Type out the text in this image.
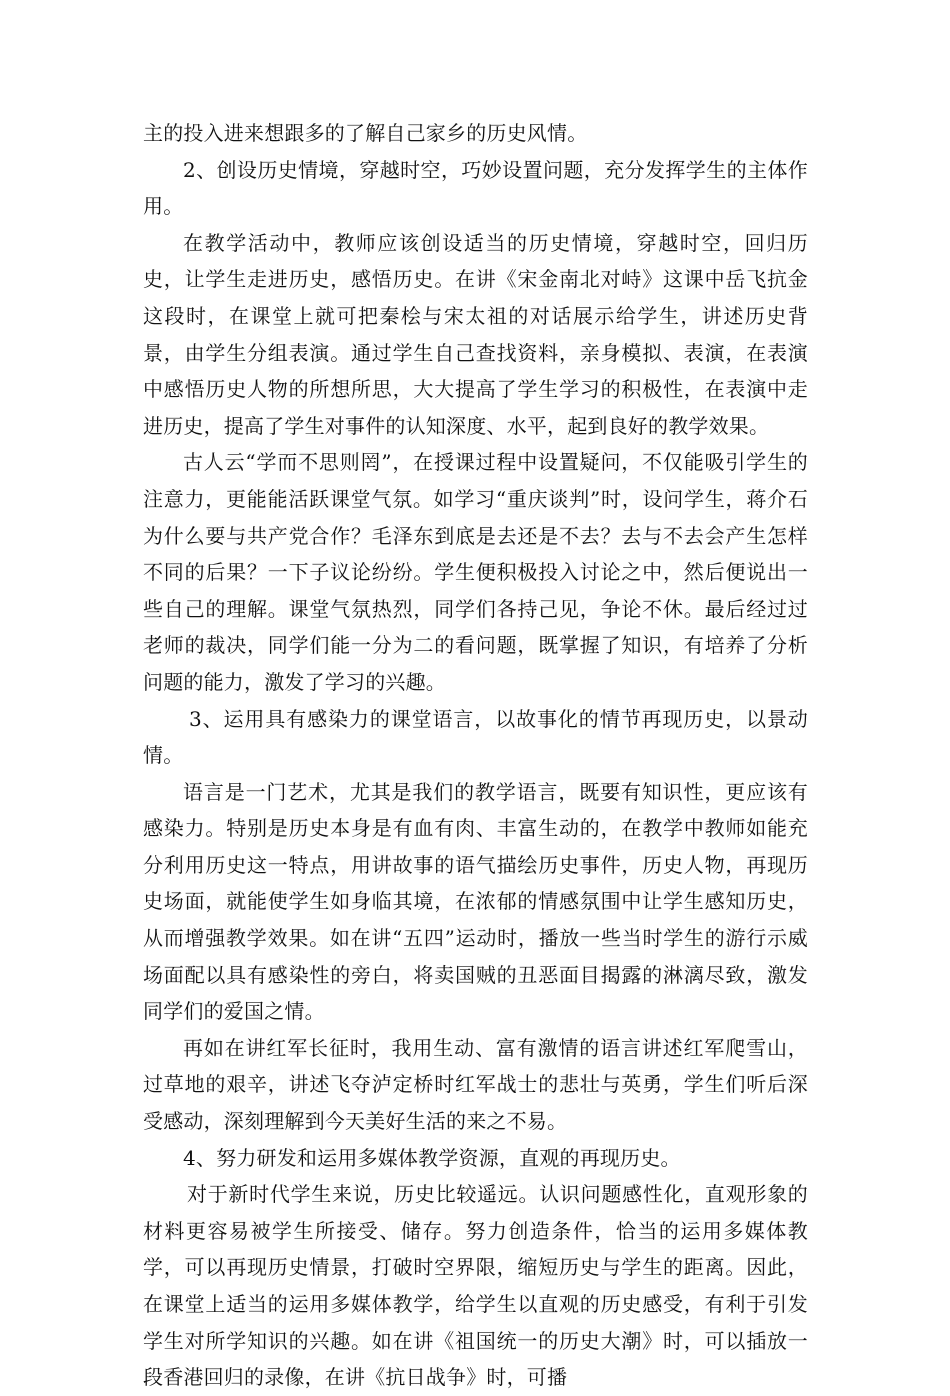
主的投入进来想跟多的了解自己家乡的历史风情。

2、创设历史情境，穿越时空，巧妙设置问题，充分发挥学生的主体作用。

在教学活动中，教师应该创设适当的历史情境，穿越时空，回归历史，让学生走进历史，感悟历史。在讲《宋金南北对峙》这课中岳飞抗金这段时，在课堂上就可把秦桧与宋太祖的对话展示给学生，讲述历史背景，由学生分组表演。通过学生自己查找资料，亲身模拟、表演，在表演中感悟历史人物的所想所思，大大提高了学生学习的积极性，在表演中走进历史，提高了学生对事件的认知深度、水平，起到良好的教学效果。

古人云“学而不思则罔”，在授课过程中设置疑问，不仅能吸引学生的注意力，更能能活跃课堂气氛。如学习“重庆谈判”时，设问学生，蒋介石为什么要与共产党合作？毛泽东到底是去还是不去？去与不去会产生怎样不同的后果？一下子议论纷纷。学生便积极投入讨论之中，然后便说出一些自己的理解。课堂气氛热烈，同学们各持己见，争论不休。最后经过过老师的裁决，同学们能一分为二的看问题，既掌握了知识，有培养了分析问题的能力，激发了学习的兴趣。

3、运用具有感染力的课堂语言，以故事化的情节再现历史，以景动情。

语言是一门艺术，尤其是我们的教学语言，既要有知识性，更应该有感染力。特别是历史本身是有血有肉、丰富生动的，在教学中教师如能充分利用历史这一特点，用讲故事的语气描绘历史事件，历史人物，再现历史场面，就能使学生如身临其境，在浓郁的情感氛围中让学生感知历史，从而增强教学效果。如在讲“五四”运动时，播放一些当时学生的游行示威场面配以具有感染性的旁白，将卖国贼的丑恶面目揭露的淋漓尽致，激发同学们的爱国之情。

再如在讲红军长征时，我用生动、富有激情的语言讲述红军爬雪山，过草地的艰辛，讲述飞夺泸定桥时红军战士的悲壮与英勇，学生们听后深受感动，深刻理解到今天美好生活的来之不易。

4、努力研发和运用多媒体教学资源，直观的再现历史。

对于新时代学生来说，历史比较遥远。认识问题感性化，直观形象的材料更容易被学生所接受、储存。努力创造条件，恰当的运用多媒体教学，可以再现历史情景，打破时空界限，缩短历史与学生的距离。因此，在课堂上适当的运用多媒体教学，给学生以直观的历史感受，有利于引发学生对所学知识的兴趣。如在讲《祖国统一的历史大潮》时，可以插放一段香港回归的录像，在讲《抗日战争》时，可播
